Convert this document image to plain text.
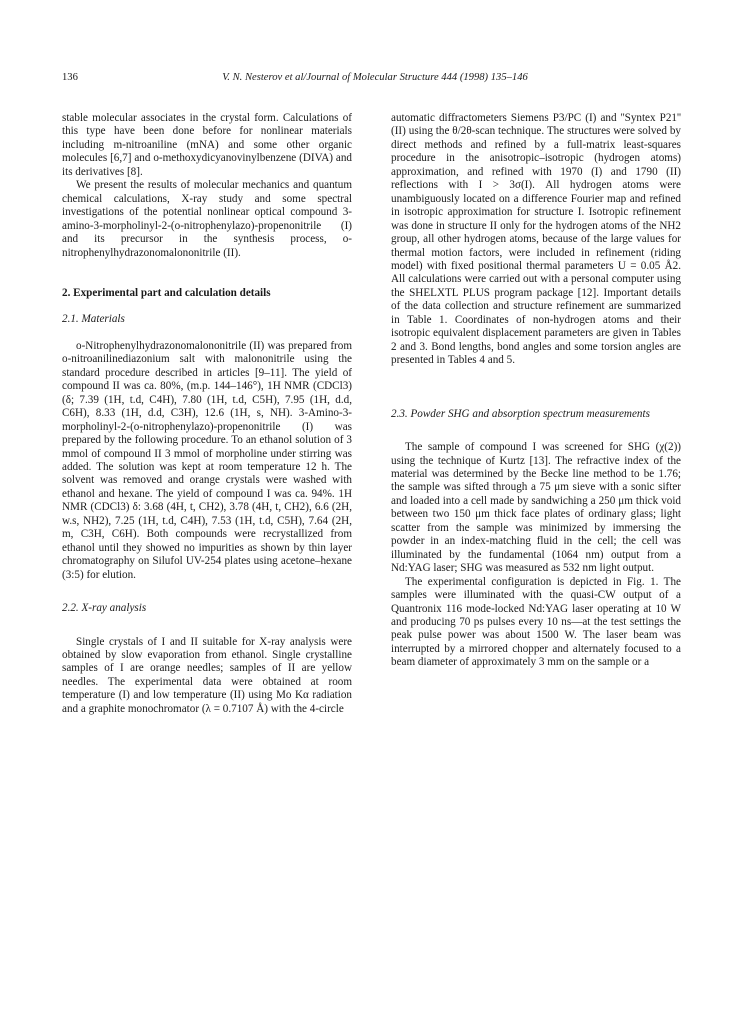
136	V. N. Nesterov et al/Journal of Molecular Structure 444 (1998) 135–146

stable molecular associates in the crystal form. Calculations of this type have been done before for nonlinear materials including m-nitroaniline (mNA) and some other organic molecules [6,7] and o-methoxydicyanovinylbenzene (DIVA) and its derivatives [8].

We present the results of molecular mechanics and quantum chemical calculations, X-ray study and some spectral investigations of the potential nonlinear optical compound 3-amino-3-morpholinyl-2-(o-nitrophenylazo)-propenonitrile (I) and its precursor in the synthesis process, o-nitrophenylhydrazonomalononitrile (II).

2. Experimental part and calculation details

2.1. Materials

o-Nitrophenylhydrazonomalononitrile (II) was prepared from o-nitroanilinediazonium salt with malononitrile using the standard procedure described in articles [9–11]. The yield of compound II was ca. 80%, (m.p. 144–146°), 1H NMR (CDCl3) (δ; 7.39 (1H, t.d, C4H), 7.80 (1H, t.d, C5H), 7.95 (1H, d.d, C6H), 8.33 (1H, d.d, C3H), 12.6 (1H, s, NH). 3-Amino-3-morpholinyl-2-(o-nitrophenylazo)-propenonitrile (I) was prepared by the following procedure. To an ethanol solution of 3 mmol of compound II 3 mmol of morpholine under stirring was added. The solution was kept at room temperature 12 h. The solvent was removed and orange crystals were washed with ethanol and hexane. The yield of compound I was ca. 94%. 1H NMR (CDCl3) δ: 3.68 (4H, t, CH2), 3.78 (4H, t, CH2), 6.6 (2H, w.s, NH2), 7.25 (1H, t.d, C4H), 7.53 (1H, t.d, C5H), 7.64 (2H, m, C3H, C6H). Both compounds were recrystallized from ethanol until they showed no impurities as shown by thin layer chromatography on Silufol UV-254 plates using acetone–hexane (3:5) for elution.

2.2. X-ray analysis

Single crystals of I and II suitable for X-ray analysis were obtained by slow evaporation from ethanol. Single crystalline samples of I are orange needles; samples of II are yellow needles. The experimental data were obtained at room temperature (I) and low temperature (II) using Mo Kα radiation and a graphite monochromator (λ = 0.7107 Å) with the 4-circle

automatic diffractometers Siemens P3/PC (I) and ''Syntex P21'' (II) using the θ/2θ-scan technique. The structures were solved by direct methods and refined by a full-matrix least-squares procedure in the anisotropic–isotropic (hydrogen atoms) approximation, and refined with 1970 (I) and 1790 (II) reflections with I > 3σ(I). All hydrogen atoms were unambiguously located on a difference Fourier map and refined in isotropic approximation for structure I. Isotropic refinement was done in structure II only for the hydrogen atoms of the NH2 group, all other hydrogen atoms, because of the large values for thermal motion factors, were included in refinement (riding model) with fixed positional thermal parameters U = 0.05 Å2. All calculations were carried out with a personal computer using the SHELXTL PLUS program package [12]. Important details of the data collection and structure refinement are summarized in Table 1. Coordinates of non-hydrogen atoms and their isotropic equivalent displacement parameters are given in Tables 2 and 3. Bond lengths, bond angles and some torsion angles are presented in Tables 4 and 5.

2.3. Powder SHG and absorption spectrum measurements

The sample of compound I was screened for SHG (χ(2)) using the technique of Kurtz [13]. The refractive index of the material was determined by the Becke line method to be 1.76; the sample was sifted through a 75 μm sieve with a sonic sifter and loaded into a cell made by sandwiching a 250 μm thick void between two 150 μm thick face plates of ordinary glass; light scatter from the sample was minimized by immersing the powder in an index-matching fluid in the cell; the cell was illuminated by the fundamental (1064 nm) output from a Nd:YAG laser; SHG was measured as 532 nm light output.

The experimental configuration is depicted in Fig. 1. The samples were illuminated with the quasi-CW output of a Quantronix 116 mode-locked Nd:YAG laser operating at 10 W and producing 70 ps pulses every 10 ns—at the test settings the peak pulse power was about 1500 W. The laser beam was interrupted by a mirrored chopper and alternately focused to a beam diameter of approximately 3 mm on the sample or a
